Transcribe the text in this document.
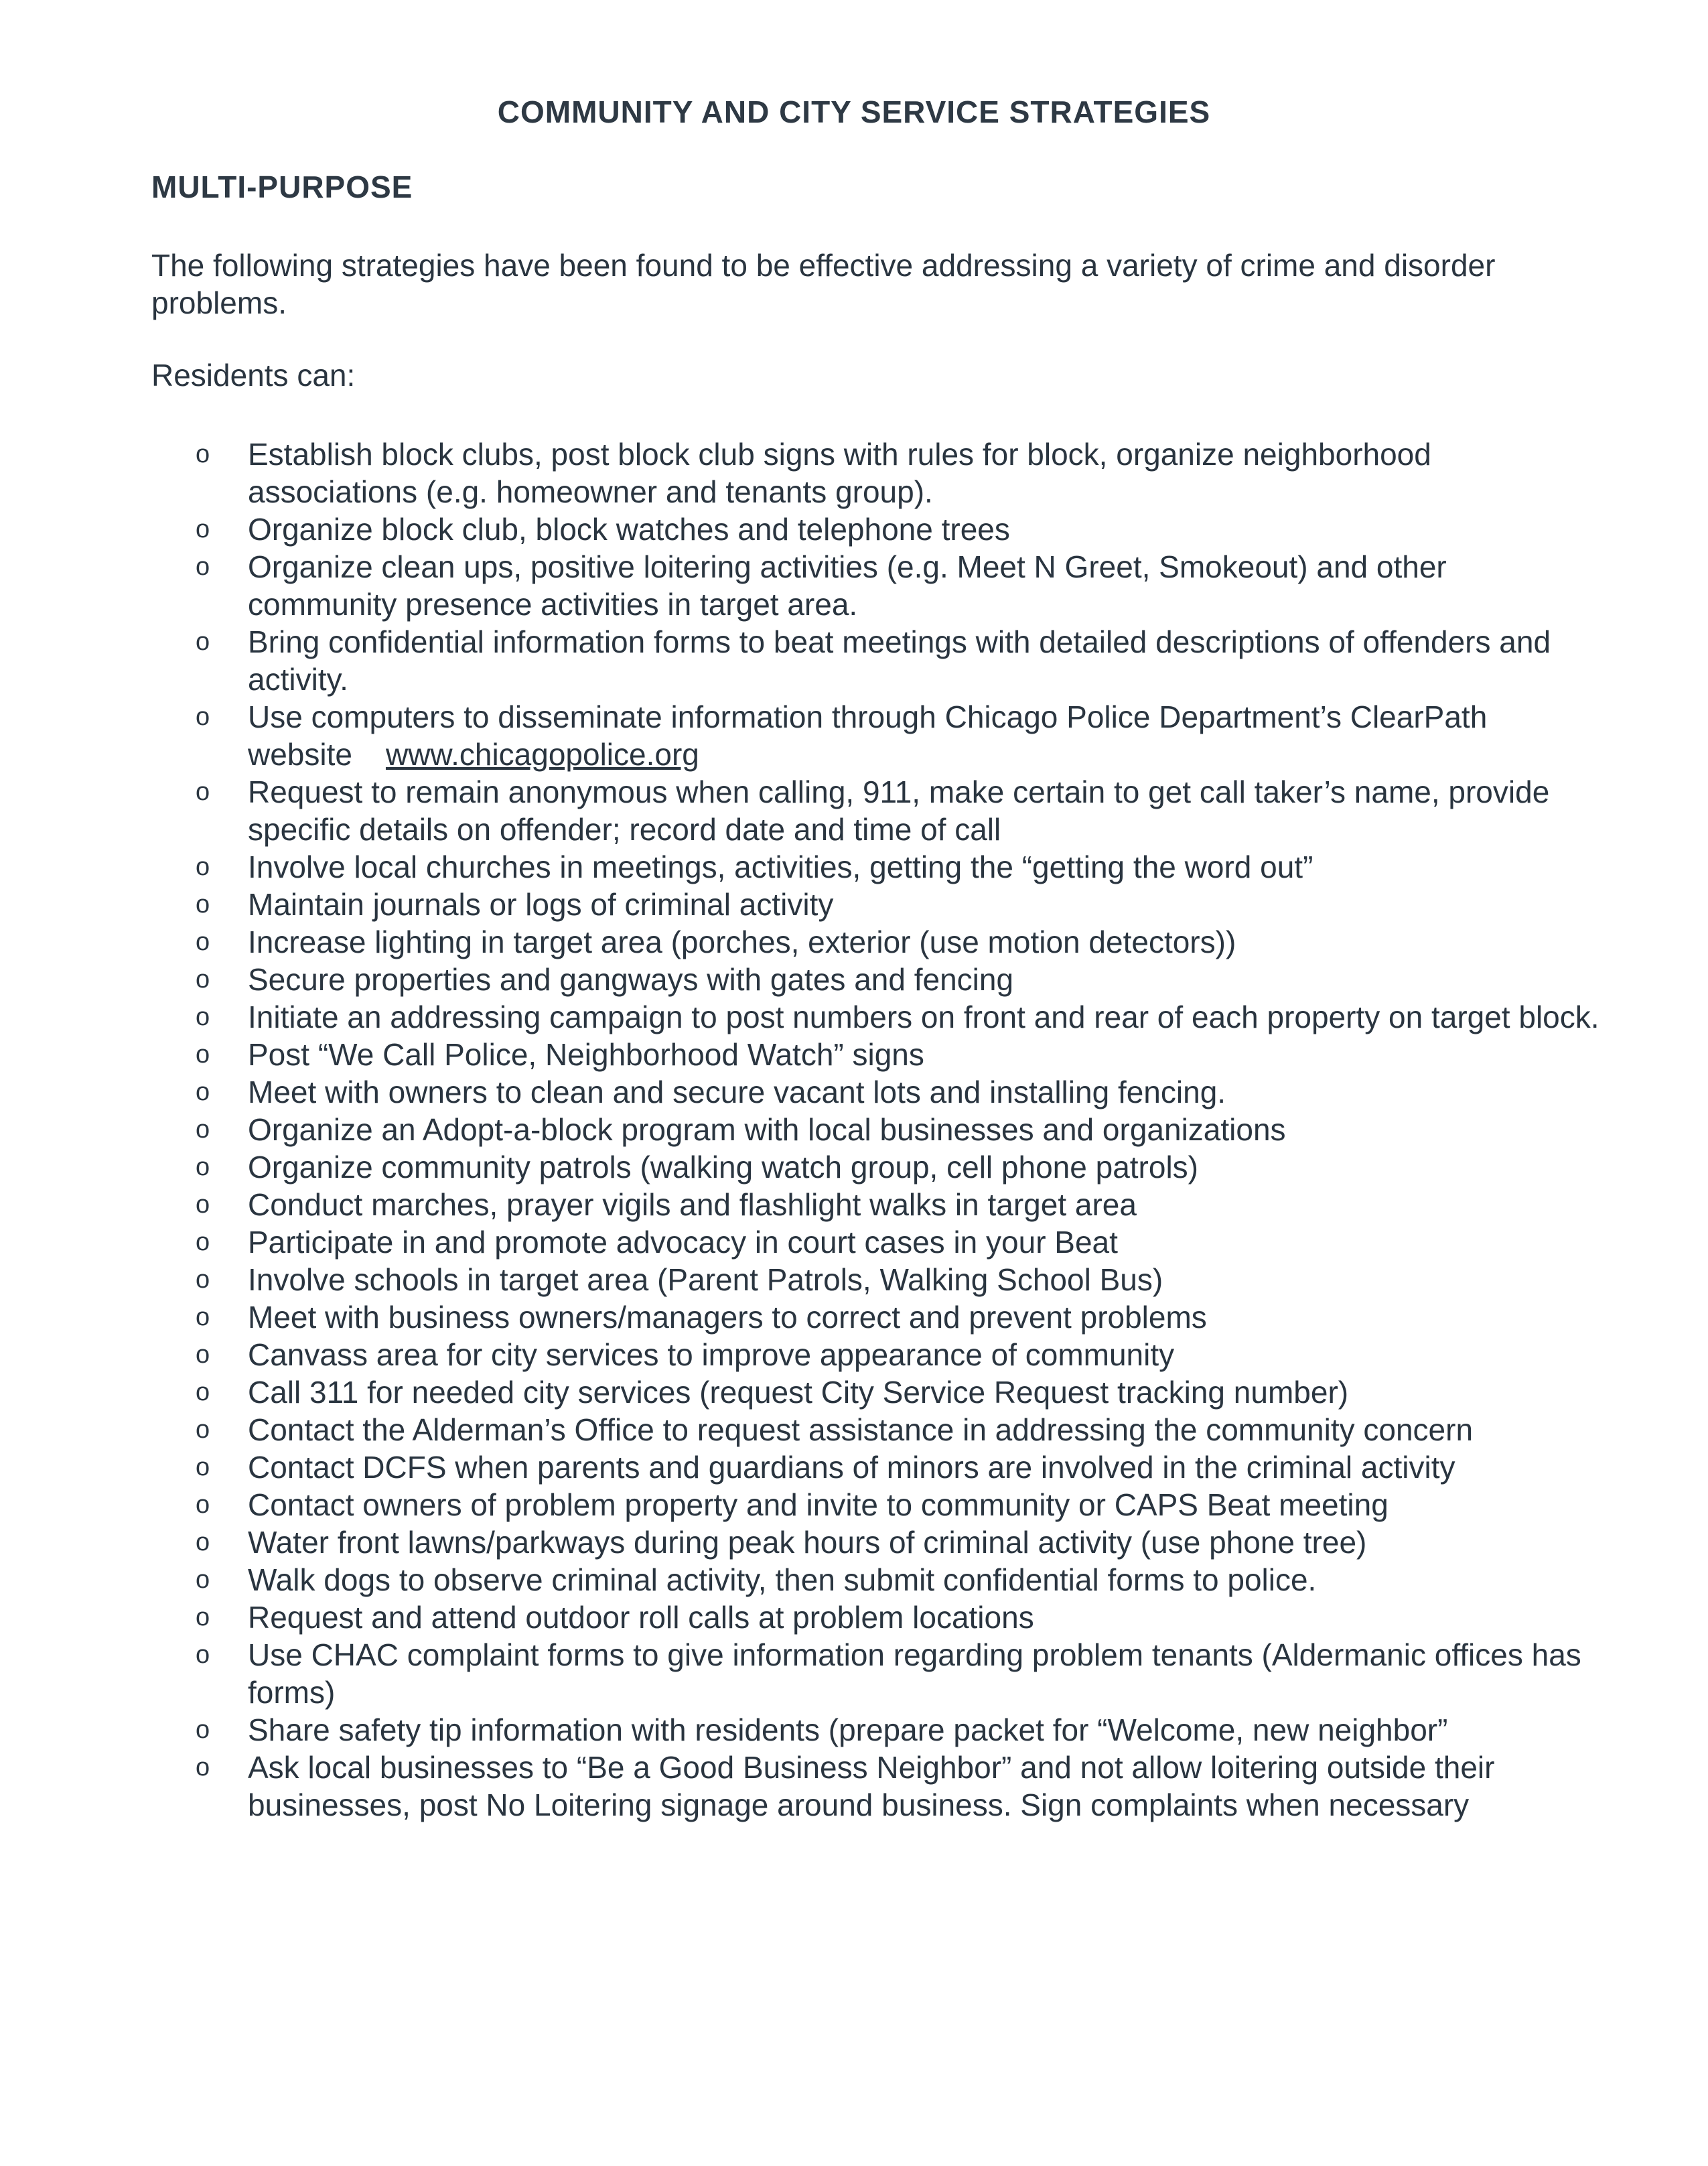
COMMUNITY AND CITY SERVICE STRATEGIES
MULTI-PURPOSE

The following strategies have been found to be effective addressing a variety of crime and disorder problems.

Residents can:

o Establish block clubs, post block club signs with rules for block, organize neighborhood associations (e.g. homeowner and tenants group).
o Organize block club, block watches and telephone trees
o Organize clean ups, positive loitering activities (e.g. Meet N Greet, Smokeout) and other community presence activities in target area.
o Bring confidential information forms to beat meetings with detailed descriptions of offenders and activity.
o Use computers to disseminate information through Chicago Police Department’s ClearPath website www.chicagopolice.org
o Request to remain anonymous when calling, 911, make certain to get call taker’s name, provide specific details on offender; record date and time of call
o Involve local churches in meetings, activities, getting the “getting the word out”
o Maintain journals or logs of criminal activity
o Increase lighting in target area (porches, exterior (use motion detectors))
o Secure properties and gangways with gates and fencing
o Initiate an addressing campaign to post numbers on front and rear of each property on target block.
o Post “We Call Police, Neighborhood Watch” signs
o Meet with owners to clean and secure vacant lots and installing fencing.
o Organize an Adopt-a-block program with local businesses and organizations
o Organize community patrols (walking watch group, cell phone patrols)
o Conduct marches, prayer vigils and flashlight walks in target area
o Participate in and promote advocacy in court cases in your Beat
o Involve schools in target area (Parent Patrols, Walking School Bus)
o Meet with business owners/managers to correct and prevent problems
o Canvass area for city services to improve appearance of community
o Call 311 for needed city services (request City Service Request tracking number)
o Contact the Alderman’s Office to request assistance in addressing the community concern
o Contact DCFS when parents and guardians of minors are involved in the criminal activity
o Contact owners of problem property and invite to community or CAPS Beat meeting
o Water front lawns/parkways during peak hours of criminal activity (use phone tree)
o Walk dogs to observe criminal activity, then submit confidential forms to police.
o Request and attend outdoor roll calls at problem locations
o Use CHAC complaint forms to give information regarding problem tenants (Aldermanic offices has forms)
o Share safety tip information with residents (prepare packet for “Welcome, new neighbor”
o Ask local businesses to “Be a Good Business Neighbor” and not allow loitering outside their businesses, post No Loitering signage around business. Sign complaints when necessary
